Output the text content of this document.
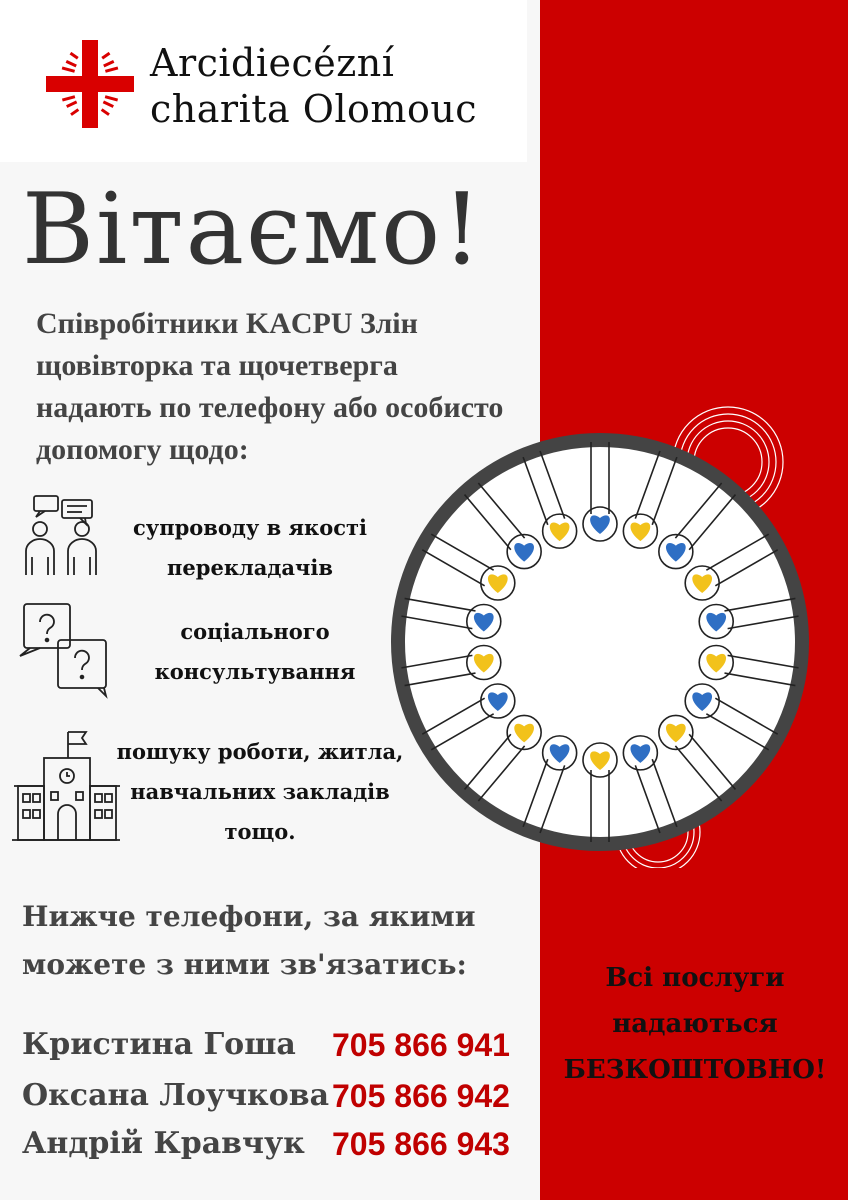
Arcidiecézní
charita Olomouc
Вітаємо!
Співробітники KACPU Злін щовівторка та щочетверга надають по телефону або особисто допомогу щодо:
супроводу в якості перекладачів
соціального консультування
пошуку роботи, житла, навчальних закладів тощо.
Нижче телефони, за якими можете з ними зв'язатись:
Кристина Гоша 705 866 941
Оксана Лоучкова 705 866 942
Андрій Кравчук 705 866 943
Всі послуги надаються БЕЗКОШТОВНО!
